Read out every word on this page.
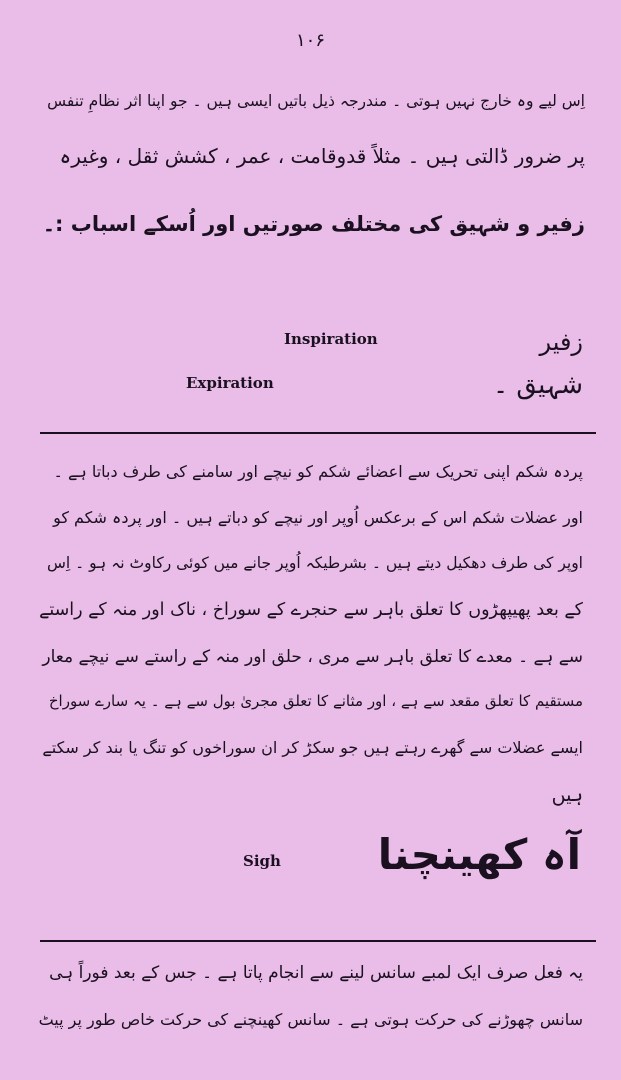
۱۰۶
اِس لیے وہ خارج نہیں ہوتی ۔ مندرجہ ذیل باتیں ایسی ہیں ۔ جو اپنا اثر نظامِ تنفس
پر ضرور ڈالتی ہیں ۔ مثلاً قدوقامت ، عمر ، کشش ثقل ، وغیرہ
زفیر و شہیق کی مختلف صورتیں اور اُسکے اسباب :۔
Inspiration	زفیر
Expiration	شہیق ۔
پردہ شکم اپنی تحریک سے اعضائے شکم کو نیچے اور سامنے کی طرف دباتا ہے ۔
اور عضلات شکم اس کے برعکس اُوپر اور نیچے کو دباتے ہیں ۔ اور پردہ شکم کو
اوپر کی طرف دھکیل دیتے ہیں ۔ بشرطیکہ اُوپر جانے میں کوئی رکاوٹ نہ ہو ۔ اِس
کے بعد پھیپھڑوں کا تعلق باہر سے حنجرے کے سوراخ ، ناک اور منہ کے راستے
سے ہے ۔ معدے کا تعلق باہر سے مری ، حلق اور منہ کے راستے سے نیچے معار
مستقیم کا تعلق مقعد سے ہے ، اور مثانے کا تعلق مجریٰ بول سے ہے ۔ یہ سارے سوراخ
ایسے عضلات سے گھرے رہتے ہیں جو سکڑ کر ان سوراخوں کو تنگ یا بند کر سکتے
ہیں
Sigh آہ کھینچنا
یہ فعل صرف ایک لمبے سانس لینے سے انجام پاتا ہے ۔ جس کے بعد فوراً ہی
سانس چھوڑنے کی حرکت ہوتی ہے ۔ سانس کھینچنے کی حرکت خاص طور پر پیٹ
